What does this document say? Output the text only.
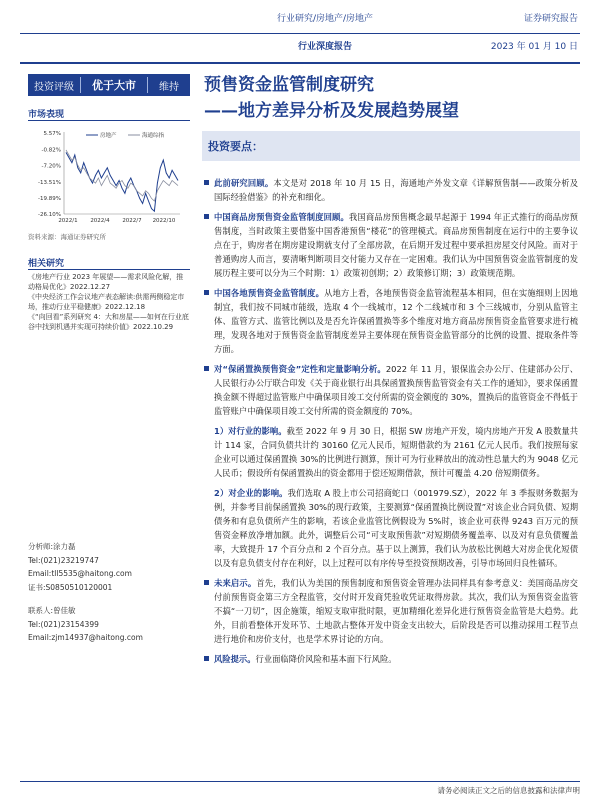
行业研究/房地产/房地产
行业深度报告
证券研究报告
2023 年 01 月 10 日
投资评级	优于大市	维持
市场表现
5.57%
-0.82%
-7.20%
-13.51%
-19.89%
-26.10%
2022/1 2022/4 2022/7 2022/10
房地产	海通综指
资料来源：海通证券研究所
相关研究
《房地产行业 2023 年展望——需求风险化解，推动格局优化》2022.12.27
《中央经济工作会议地产表态解读:供需两侧稳定市场，推动行业平稳健康》2022.12.18
《“向回看”系列研究 4：大和房屋——如何在行业底谷中找到机遇并实现可持续价值》2022.10.29
分析师:涂力磊
Tel:(021)23219747
Email:tll5535@haitong.com
证书:S0850510120001
联系人:曾佳敏
Tel:(021)23154399
Email:zjm14937@haitong.com
预售资金监管制度研究
——地方差异分析及发展趋势展望
投资要点：
此前研究回顾。本文是对 2018 年 10 月 15 日，海通地产外发文章《详解预售制——政策分析及国际经验借鉴》的补充和细化。
中国商品房预售资金监管制度回顾。我国商品房预售概念最早起源于 1994 年正式推行的商品房预售制度，当时政策主要借鉴中国香港预售“楼花”的管理模式。商品房预售制度在运行中的主要争议点在于，购房者在期房建设期就支付了全部房款，在后期开发过程中要承担房屋交付风险。而对于普通购房人而言，要清晰判断项目交付能力又存在一定困难。我们认为中国预售资金监管制度的发展历程主要可以分为三个时期：1）政策初创期；2）政策修订期；3）政策规范期。
中国各地预售资金监管制度。从地方上看，各地预售资金监管流程基本相同，但在实施细则上因地制宜，我们按不同城市能级，选取 4 个一线城市，12 个二线城市和 3 个三线城市，分别从监管主体、监管方式、监管比例以及是否允许保函置换等多个维度对地方商品房预售资金监管要求进行梳理，发现各地对于预售资金监管制度差异主要体现在预售资金监管部分的比例的设置、提取条件等方面。
对“保函置换预售资金”定性和定量影响分析。2022 年 11 月，银保监会办公厅、住建部办公厅、人民银行办公厅联合印发《关于商业银行出具保函置换预售监管资金有关工作的通知》，要求保函置换金额不得超过监管账户中确保项目竣工交付所需的资金额度的 30%，置换后的监管资金不得低于监管账户中确保项目竣工交付所需的资金额度的 70%。
1）对行业的影响。截至 2022 年 9 月 30 日，根据 SW 房地产开发，境内房地产开发 A 股数量共计 114 家，合同负债共计约 30160 亿元人民币，短期借款约为 2161 亿元人民币。我们按照每家企业可以通过保函置换 30%的比例进行测算，预计可为行业释放出的流动性总量大约为 9048 亿元人民币；假设所有保函置换出的资金都用于偿还短期借款，预计可覆盖 4.20 倍短期债务。
2）对企业的影响。我们选取 A 股上市公司招商蛇口（001979.SZ），2022 年 3 季报财务数据为例，并参考目前保函置换 30%的现行政策，主要测算“保函置换比例设置”对该企业合同负债、短期债务和有息负债所产生的影响，若该企业监管比例假设为 5%时，该企业可获得 9243 百万元的预售资金释放净增加额。此外，调整后公司“可支取预售款”对短期债务覆盖率、以及对有息负债覆盖率，大致提升 17 个百分点和 2 个百分点。基于以上测算，我们认为放松比例越大对房企优化短债以及有息负债支付存在利好，以上过程可以有序传导至投资预期改善，引导市场回归良性循环。
未来启示。首先，我们认为美国的预售制度和预售资金管理办法同样具有参考意义：美国商品房交付前预售资金第三方全程监管，交付时开发商凭验收凭证取得房款。其次，我们认为预售资金监管不搞“一刀切”，因企施策，缩短支取审批时限，更加精细化差异化进行预售资金监管是大趋势。此外，目前看整体开发环节、土地款占整体开发中资金支出较大，后阶段是否可以推动採用工程节点进行地价和房价支付，也是学术界讨论的方向。
风险提示。行业面临降价风险和基本面下行风险。
请务必阅读正文之后的信息披露和法律声明
